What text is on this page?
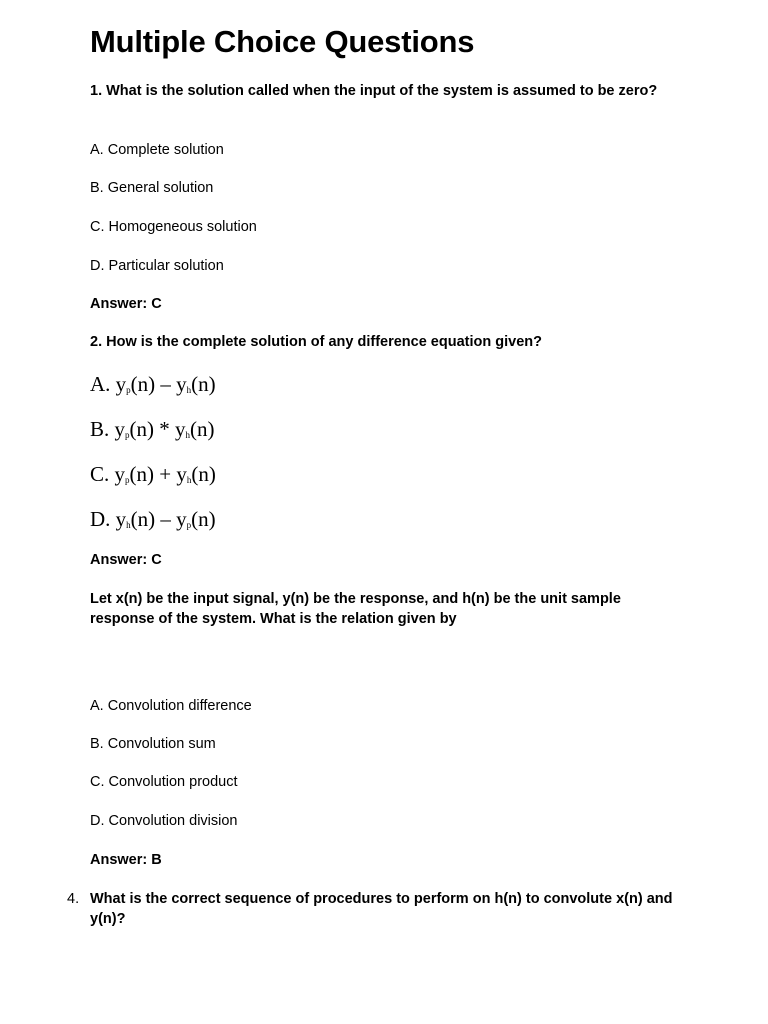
Multiple Choice Questions

1. What is the solution called when the input of the system is assumed to be zero?

A. Complete solution

B. General solution

C. Homogeneous solution

D. Particular solution

Answer: C

2. How is the complete solution of any difference equation given?

A. $y_p(n) - y_h(n)$

B. $y_p(n) * y_h(n)$

C. $y_p(n) + y_h(n)$

D. $y_h(n) - y_p(n)$

Answer: C

Let x(n) be the input signal, y(n) be the response, and h(n) be the unit sample response of the system. What is the relation given by

A. Convolution difference

B. Convolution sum

C. Convolution product

D. Convolution division

Answer: B

4. What is the correct sequence of procedures to perform on h(n) to convolute x(n) and y(n)?
